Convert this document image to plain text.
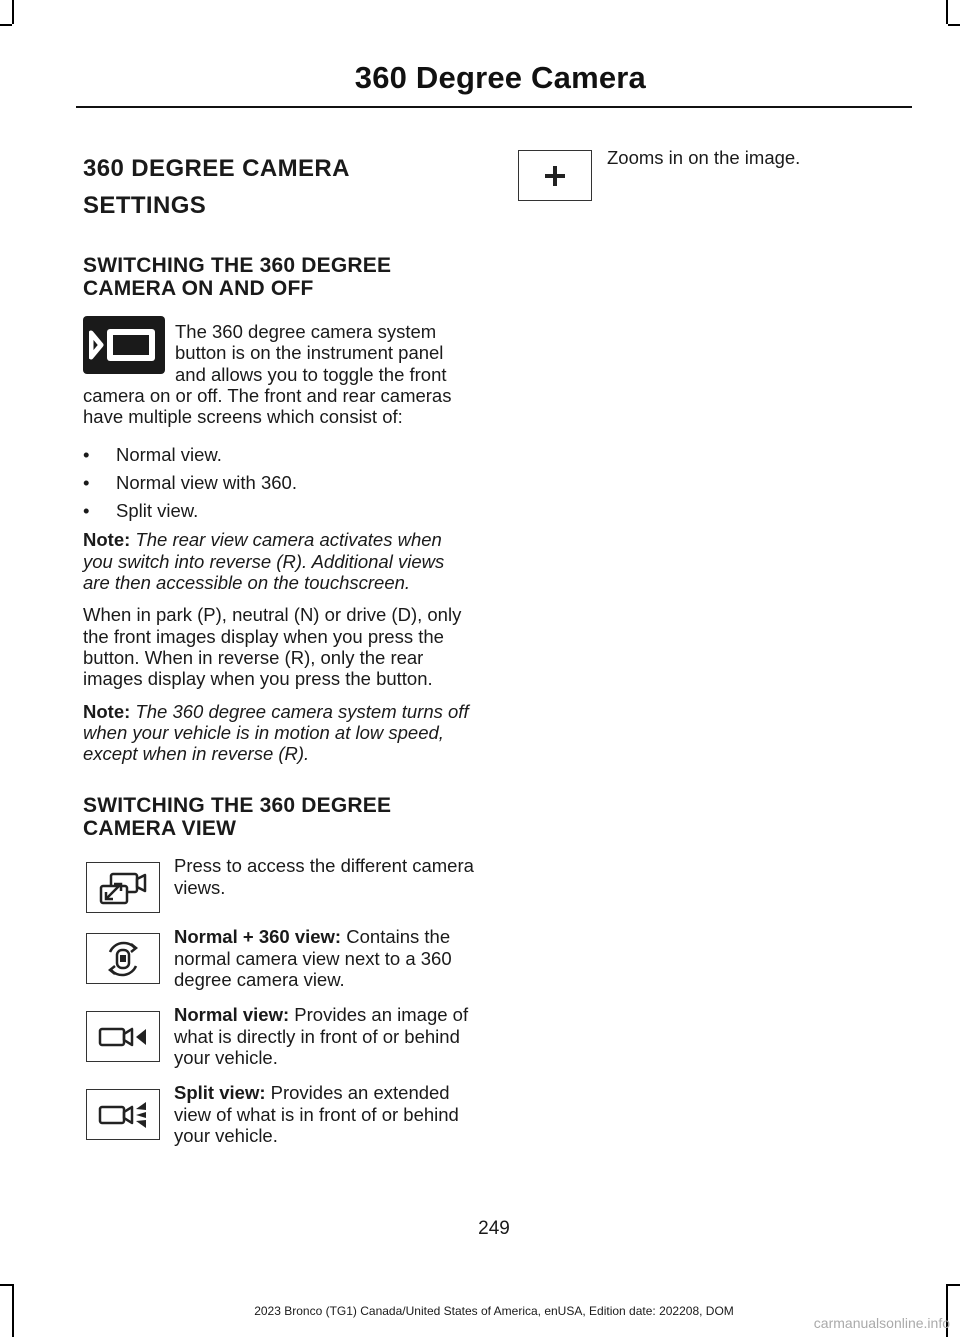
360 Degree Camera
360 DEGREE CAMERA
SETTINGS
SWITCHING THE 360 DEGREE
CAMERA ON AND OFF

The 360 degree camera system button is on the instrument panel and allows you to toggle the front camera on or off. The front and rear cameras have multiple screens which consist of:

• Normal view.
• Normal view with 360.
• Split view.

Note: The rear view camera activates when you switch into reverse (R). Additional views are then accessible on the touchscreen.

When in park (P), neutral (N) or drive (D), only the front images display when you press the button. When in reverse (R), only the rear images display when you press the button.

Note: The 360 degree camera system turns off when your vehicle is in motion at low speed, except when in reverse (R).

SWITCHING THE 360 DEGREE
CAMERA VIEW

Press to access the different camera views.

Normal + 360 view: Contains the normal camera view next to a 360 degree camera view.

Normal view: Provides an image of what is directly in front of or behind your vehicle.

Split view: Provides an extended view of what is in front of or behind your vehicle.

Zooms in on the image.

249
2023 Bronco (TG1) Canada/United States of America, enUSA, Edition date: 202208, DOM
carmanualsonline.info
